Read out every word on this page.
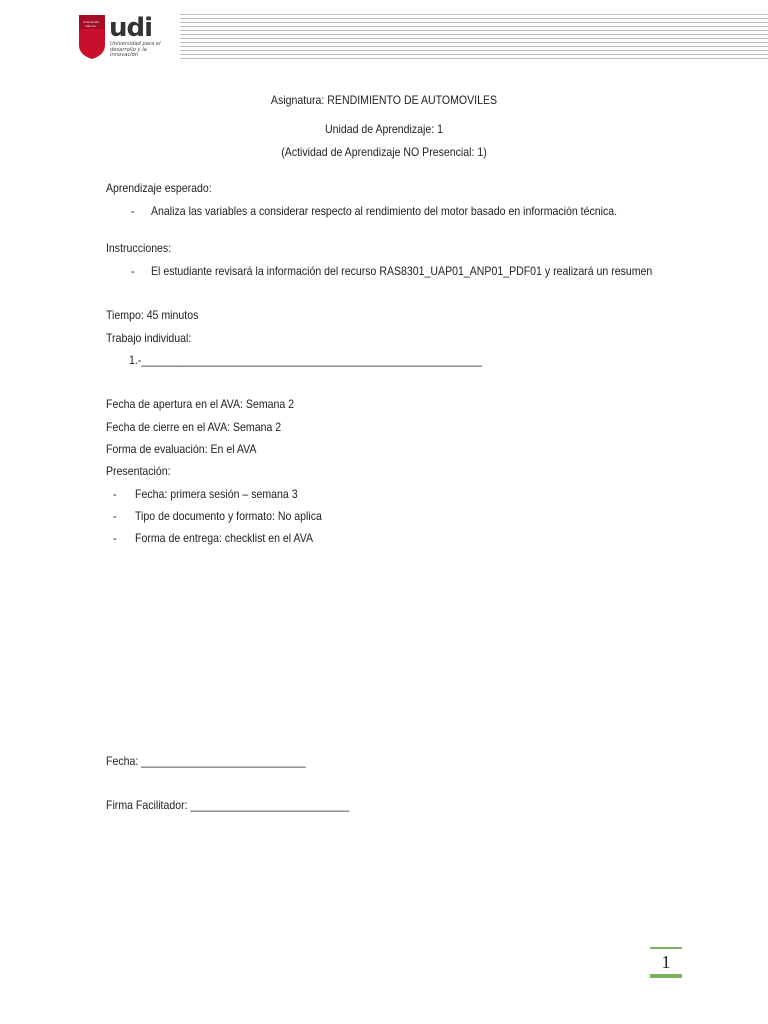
innovación
ciencia udi
Universidad para el desarrollo y la innovación
Asignatura: RENDIMIENTO DE AUTOMOVILES
Unidad de Aprendizaje: 1
(Actividad de Aprendizaje NO Presencial: 1)
Aprendizaje esperado:
- Analiza las variables a considerar respecto al rendimiento del motor basado en información técnica.
Instrucciones:
- El estudiante revisará la información del recurso RAS8301_UAP01_ANP01_PDF01 y realizará un resumen
Tiempo: 45 minutos
Trabajo individual:
1.-__________________________________________________________
Fecha de apertura en el AVA: Semana 2
Fecha de cierre en el AVA: Semana 2
Forma de evaluación: En el AVA
Presentación:
- Fecha: primera sesión – semana 3
- Tipo de documento y formato: No aplica
- Forma de entrega: checklist en el AVA
Fecha: ____________________________
Firma Facilitador: ___________________________
1
